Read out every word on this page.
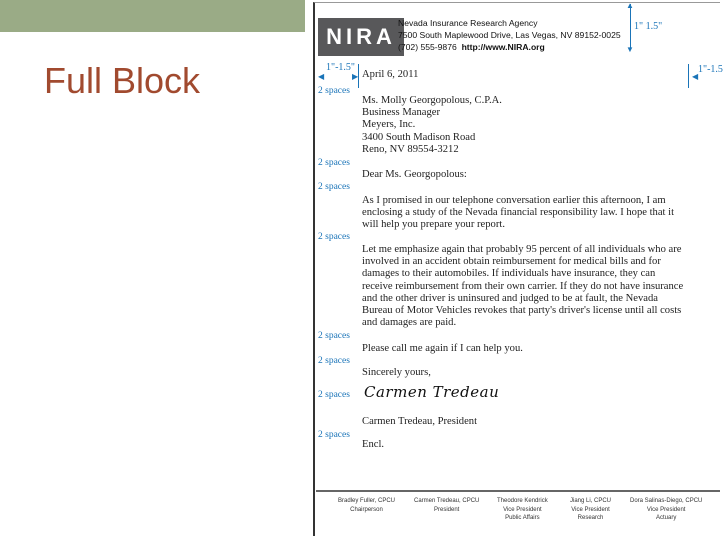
Full Block
NIRA
Nevada Insurance Research Agency
7500 South Maplewood Drive, Las Vegas, NV 89152-0025
(702) 555-9876 http://www.NIRA.org
▲
▼
1" 1.5"
1"-1.5"
◀	▶
1"-1.5
◀
2 spaces
2 spaces
2 spaces
2 spaces
2 spaces
2 spaces
2 spaces
2 spaces
April 6, 2011
Ms. Molly Georgopolous, C.P.A.
Business Manager
Meyers, Inc.
3400 South Madison Road
Reno, NV 89554-3212
Dear Ms. Georgopolous:
As I promised in our telephone conversation earlier this afternoon, I am
enclosing a study of the Nevada financial responsibility law. I hope that it
will help you prepare your report.
Let me emphasize again that probably 95 percent of all individuals who are
involved in an accident obtain reimbursement for medical bills and for
damages to their automobiles. If individuals have insurance, they can
receive reimbursement from their own carrier. If they do not have insurance
and the other driver is uninsured and judged to be at fault, the Nevada
Bureau of Motor Vehicles revokes that party's driver's license until all costs
and damages are paid.
Please call me again if I can help you.
Sincerely yours,
Carmen Tredeau
Carmen Tredeau, President
Encl.
Bradley Fuller, CPCU
Chairperson
Carmen Tredeau, CPCU
President
Theodore Kendrick
Vice President
Public Affairs
Jiang Li, CPCU
Vice President
Research
Dora Salinas-Diego, CPCU
Vice President
Actuary
